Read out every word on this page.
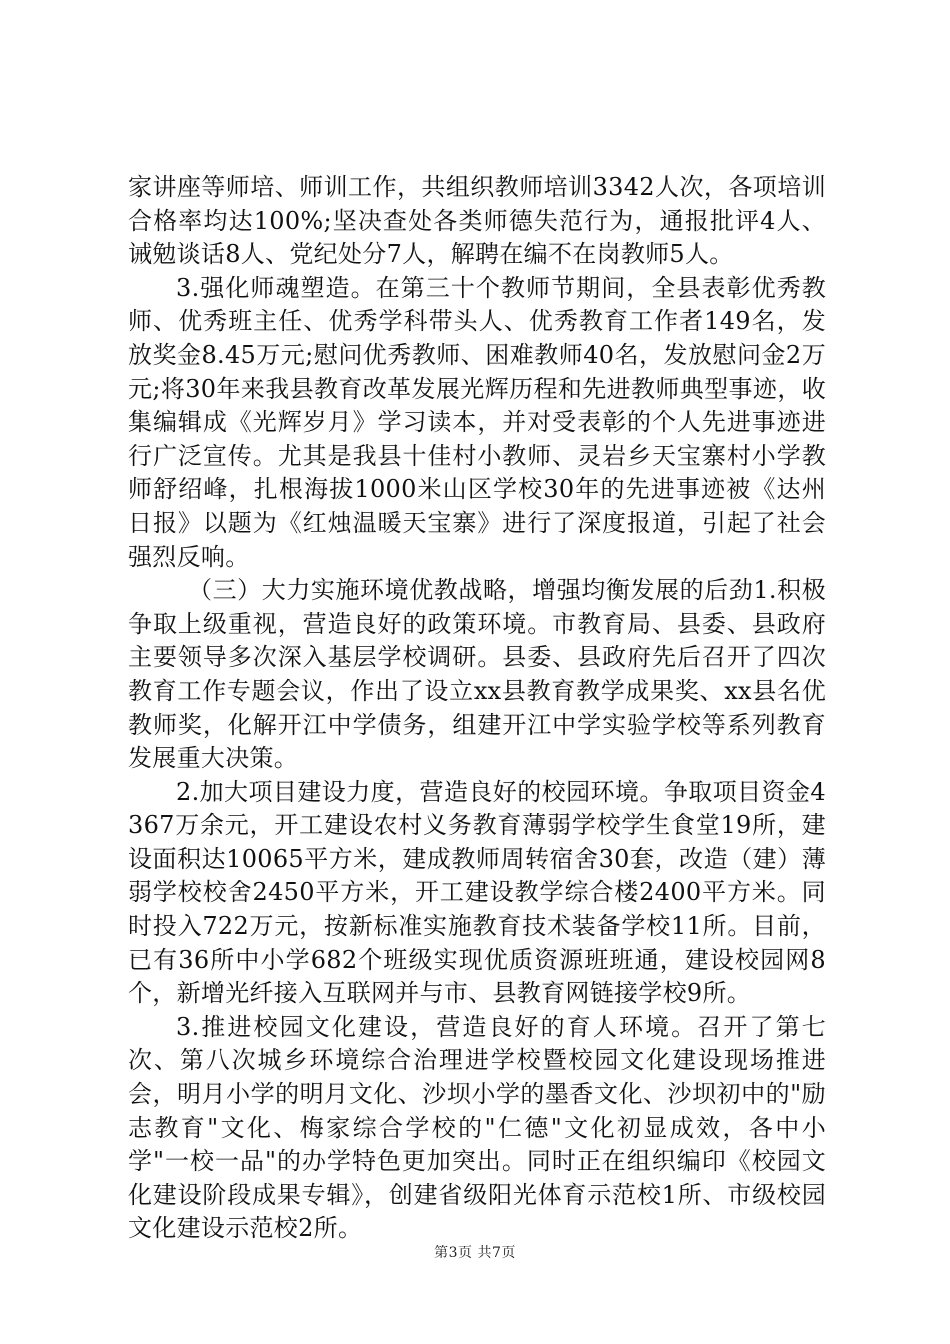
家讲座等师培、师训工作，共组织教师培训3342人次，各项培训合格率均达100%;坚决查处各类师德失范行为，通报批评4人、诫勉谈话8人、党纪处分7人，解聘在编不在岗教师5人。

3.强化师魂塑造。在第三十个教师节期间，全县表彰优秀教师、优秀班主任、优秀学科带头人、优秀教育工作者149名，发放奖金8.45万元;慰问优秀教师、困难教师40名，发放慰问金2万元;将30年来我县教育改革发展光辉历程和先进教师典型事迹，收集编辑成《光辉岁月》学习读本，并对受表彰的个人先进事迹进行广泛宣传。尤其是我县十佳村小教师、灵岩乡天宝寨村小学教师舒绍峰，扎根海拔1000米山区学校30年的先进事迹被《达州日报》以题为《红烛温暖天宝寨》进行了深度报道，引起了社会强烈反响。

（三）大力实施环境优教战略，增强均衡发展的后劲1.积极争取上级重视，营造良好的政策环境。市教育局、县委、县政府主要领导多次深入基层学校调研。县委、县政府先后召开了四次教育工作专题会议，作出了设立xx县教育教学成果奖、xx县名优教师奖，化解开江中学债务，组建开江中学实验学校等系列教育发展重大决策。

2.加大项目建设力度，营造良好的校园环境。争取项目资金4367万余元，开工建设农村义务教育薄弱学校学生食堂19所，建设面积达10065平方米，建成教师周转宿舍30套，改造（建）薄弱学校校舍2450平方米，开工建设教学综合楼2400平方米。同时投入722万元，按新标准实施教育技术装备学校11所。目前，已有36所中小学682个班级实现优质资源班班通，建设校园网8个，新增光纤接入互联网并与市、县教育网链接学校9所。

3.推进校园文化建设，营造良好的育人环境。召开了第七次、第八次城乡环境综合治理进学校暨校园文化建设现场推进会，明月小学的明月文化、沙坝小学的墨香文化、沙坝初中的"励志教育"文化、梅家综合学校的"仁德"文化初显成效，各中小学"一校一品"的办学特色更加突出。同时正在组织编印《校园文化建设阶段成果专辑》，创建省级阳光体育示范校1所、市级校园文化建设示范校2所。

第3页 共7页
